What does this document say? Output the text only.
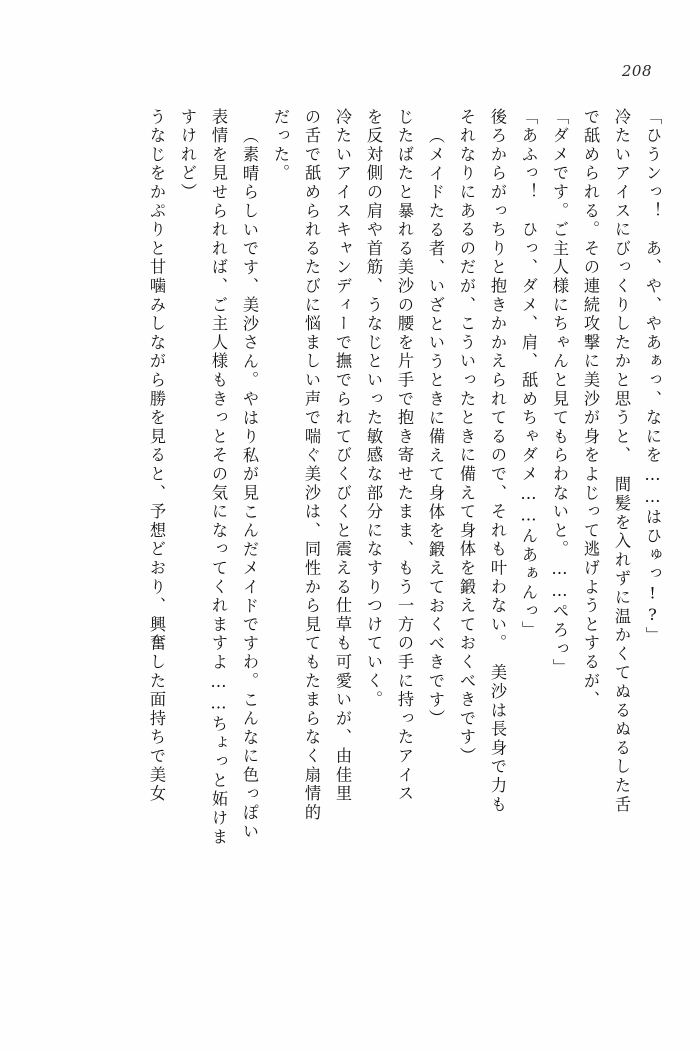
208
「ひうンっ！　あ、や、やあぁっ、なにを……はひゅっ!?」
冷たいアイスにびっくりしたかと思うと、　間髪を入れずに温かくてぬるぬるした舌
で舐められる。その連続攻撃に美沙が身をよじって逃げようとするが、
「ダメです。ご主人様にちゃんと見てもらわないと。……ぺろっ」
「あふっ！　ひっ、ダメ、肩、舐めちゃダメ……んあぁんっ」
後ろからがっちりと抱きかかえられてるので、それも叶わない。　美沙は長身で力も
それなりにあるのだが、こういったときに備えて身体を鍛えておくべきです）
（メイドたる者、いざというときに備えて身体を鍛えておくべきです）
じたばたと暴れる美沙の腰を片手で抱き寄せたまま、もう一方の手に持ったアイス
を反対側の肩や首筋、うなじといった敏感な部分になすりつけていく。
冷たいアイスキャンディーで撫でられてびくびくと震える仕草も可愛いが、由佳里
の舌で舐められるたびに悩ましい声で喘ぐ美沙は、同性から見てもたまらなく扇情的
だった。
（素晴らしいです、美沙さん。やはり私が見こんだメイドですわ。こんなに色っぽい
表情を見せられれば、ご主人様もきっとその気になってくれますよ……ちょっと妬けま
すけれど）
うなじをかぷりと甘噛みしながら勝を見ると、予想どおり、興奮した面持ちで美女
